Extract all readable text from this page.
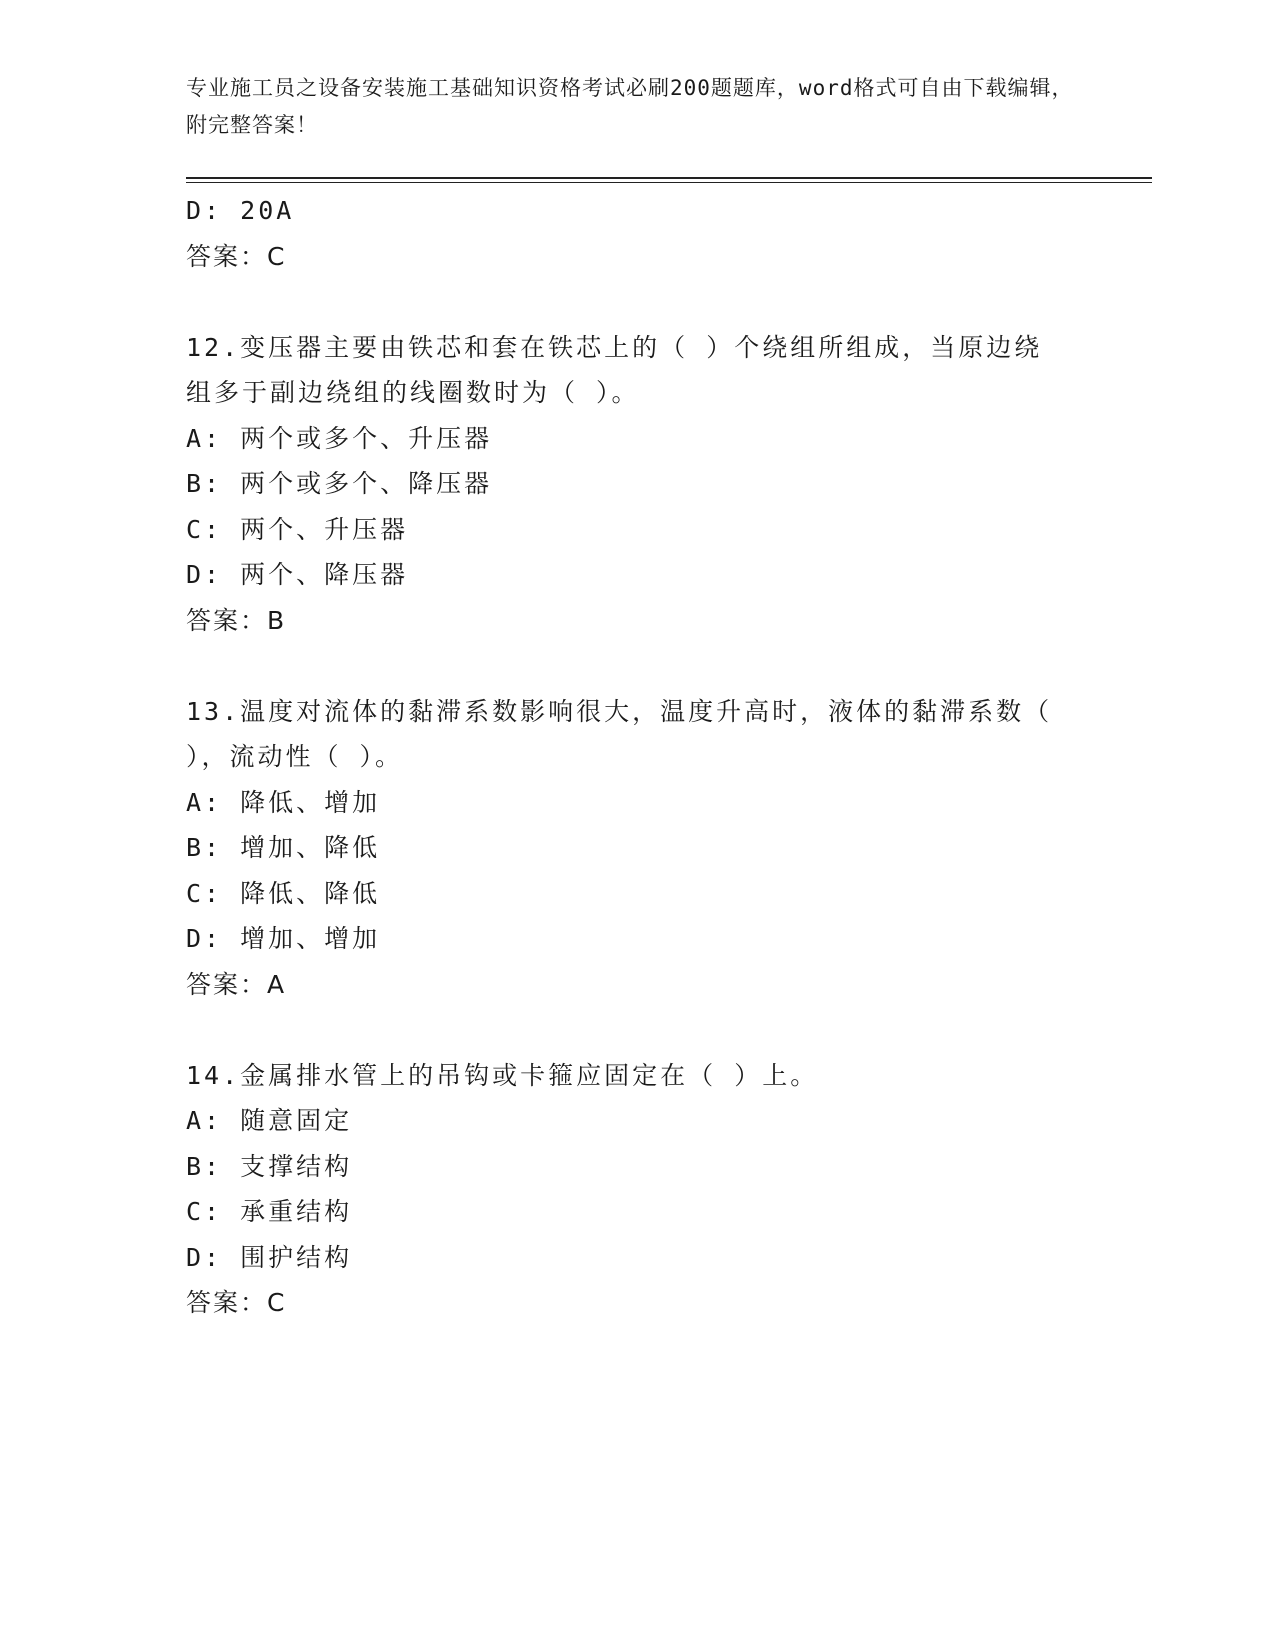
专业施工员之设备安装施工基础知识资格考试必刷200题题库，word格式可自由下载编辑，附完整答案！
D: 20A
答案：C
12.变压器主要由铁芯和套在铁芯上的（ ）个绕组所组成，当原边绕组多于副边绕组的线圈数时为（ ）。
A: 两个或多个、升压器
B: 两个或多个、降压器
C: 两个、升压器
D: 两个、降压器
答案：B
13.温度对流体的黏滞系数影响很大，温度升高时，液体的黏滞系数（ ），流动性（ ）。
A: 降低、增加
B: 增加、降低
C: 降低、降低
D: 增加、增加
答案：A
14.金属排水管上的吊钩或卡箍应固定在（ ）上。
A: 随意固定
B: 支撑结构
C: 承重结构
D: 围护结构
答案：C
